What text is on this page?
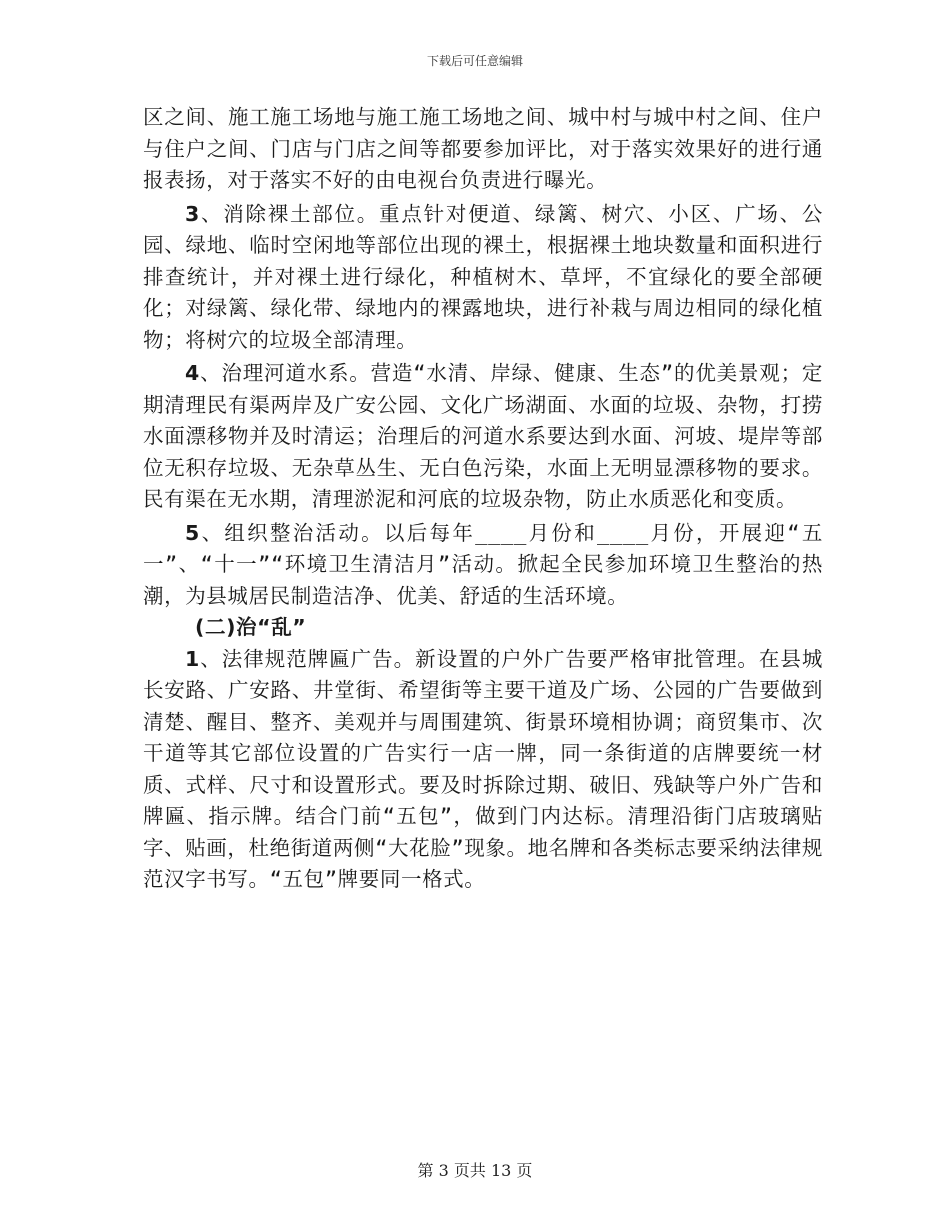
下载后可任意编辑

区之间、施工施工场地与施工施工场地之间、城中村与城中村之间、住户与住户之间、门店与门店之间等都要参加评比，对于落实效果好的进行通报表扬，对于落实不好的由电视台负责进行曝光。

3、消除裸土部位。重点针对便道、绿篱、树穴、小区、广场、公园、绿地、临时空闲地等部位出现的裸土，根据裸土地块数量和面积进行排查统计，并对裸土进行绿化，种植树木、草坪，不宜绿化的要全部硬化；对绿篱、绿化带、绿地内的裸露地块，进行补栽与周边相同的绿化植物；将树穴的垃圾全部清理。

4、治理河道水系。营造“水清、岸绿、健康、生态”的优美景观；定期清理民有渠两岸及广安公园、文化广场湖面、水面的垃圾、杂物，打捞水面漂移物并及时清运；治理后的河道水系要达到水面、河坡、堤岸等部位无积存垃圾、无杂草丛生、无白色污染，水面上无明显漂移物的要求。民有渠在无水期，清理淤泥和河底的垃圾杂物，防止水质恶化和变质。

5、组织整治活动。以后每年____月份和____月份，开展迎“五一”、“十一”“环境卫生清洁月”活动。掀起全民参加环境卫生整治的热潮，为县城居民制造洁净、优美、舒适的生活环境。

(二)治“乱”

1、法律规范牌匾广告。新设置的户外广告要严格审批管理。在县城长安路、广安路、井堂街、希望街等主要干道及广场、公园的广告要做到清楚、醒目、整齐、美观并与周围建筑、街景环境相协调；商贸集市、次干道等其它部位设置的广告实行一店一牌，同一条街道的店牌要统一材质、式样、尺寸和设置形式。要及时拆除过期、破旧、残缺等户外广告和牌匾、指示牌。结合门前“五包”，做到门内达标。清理沿街门店玻璃贴字、贴画，杜绝街道两侧“大花脸”现象。地名牌和各类标志要采纳法律规范汉字书写。“五包”牌要同一格式。

第 3 页共 13 页
